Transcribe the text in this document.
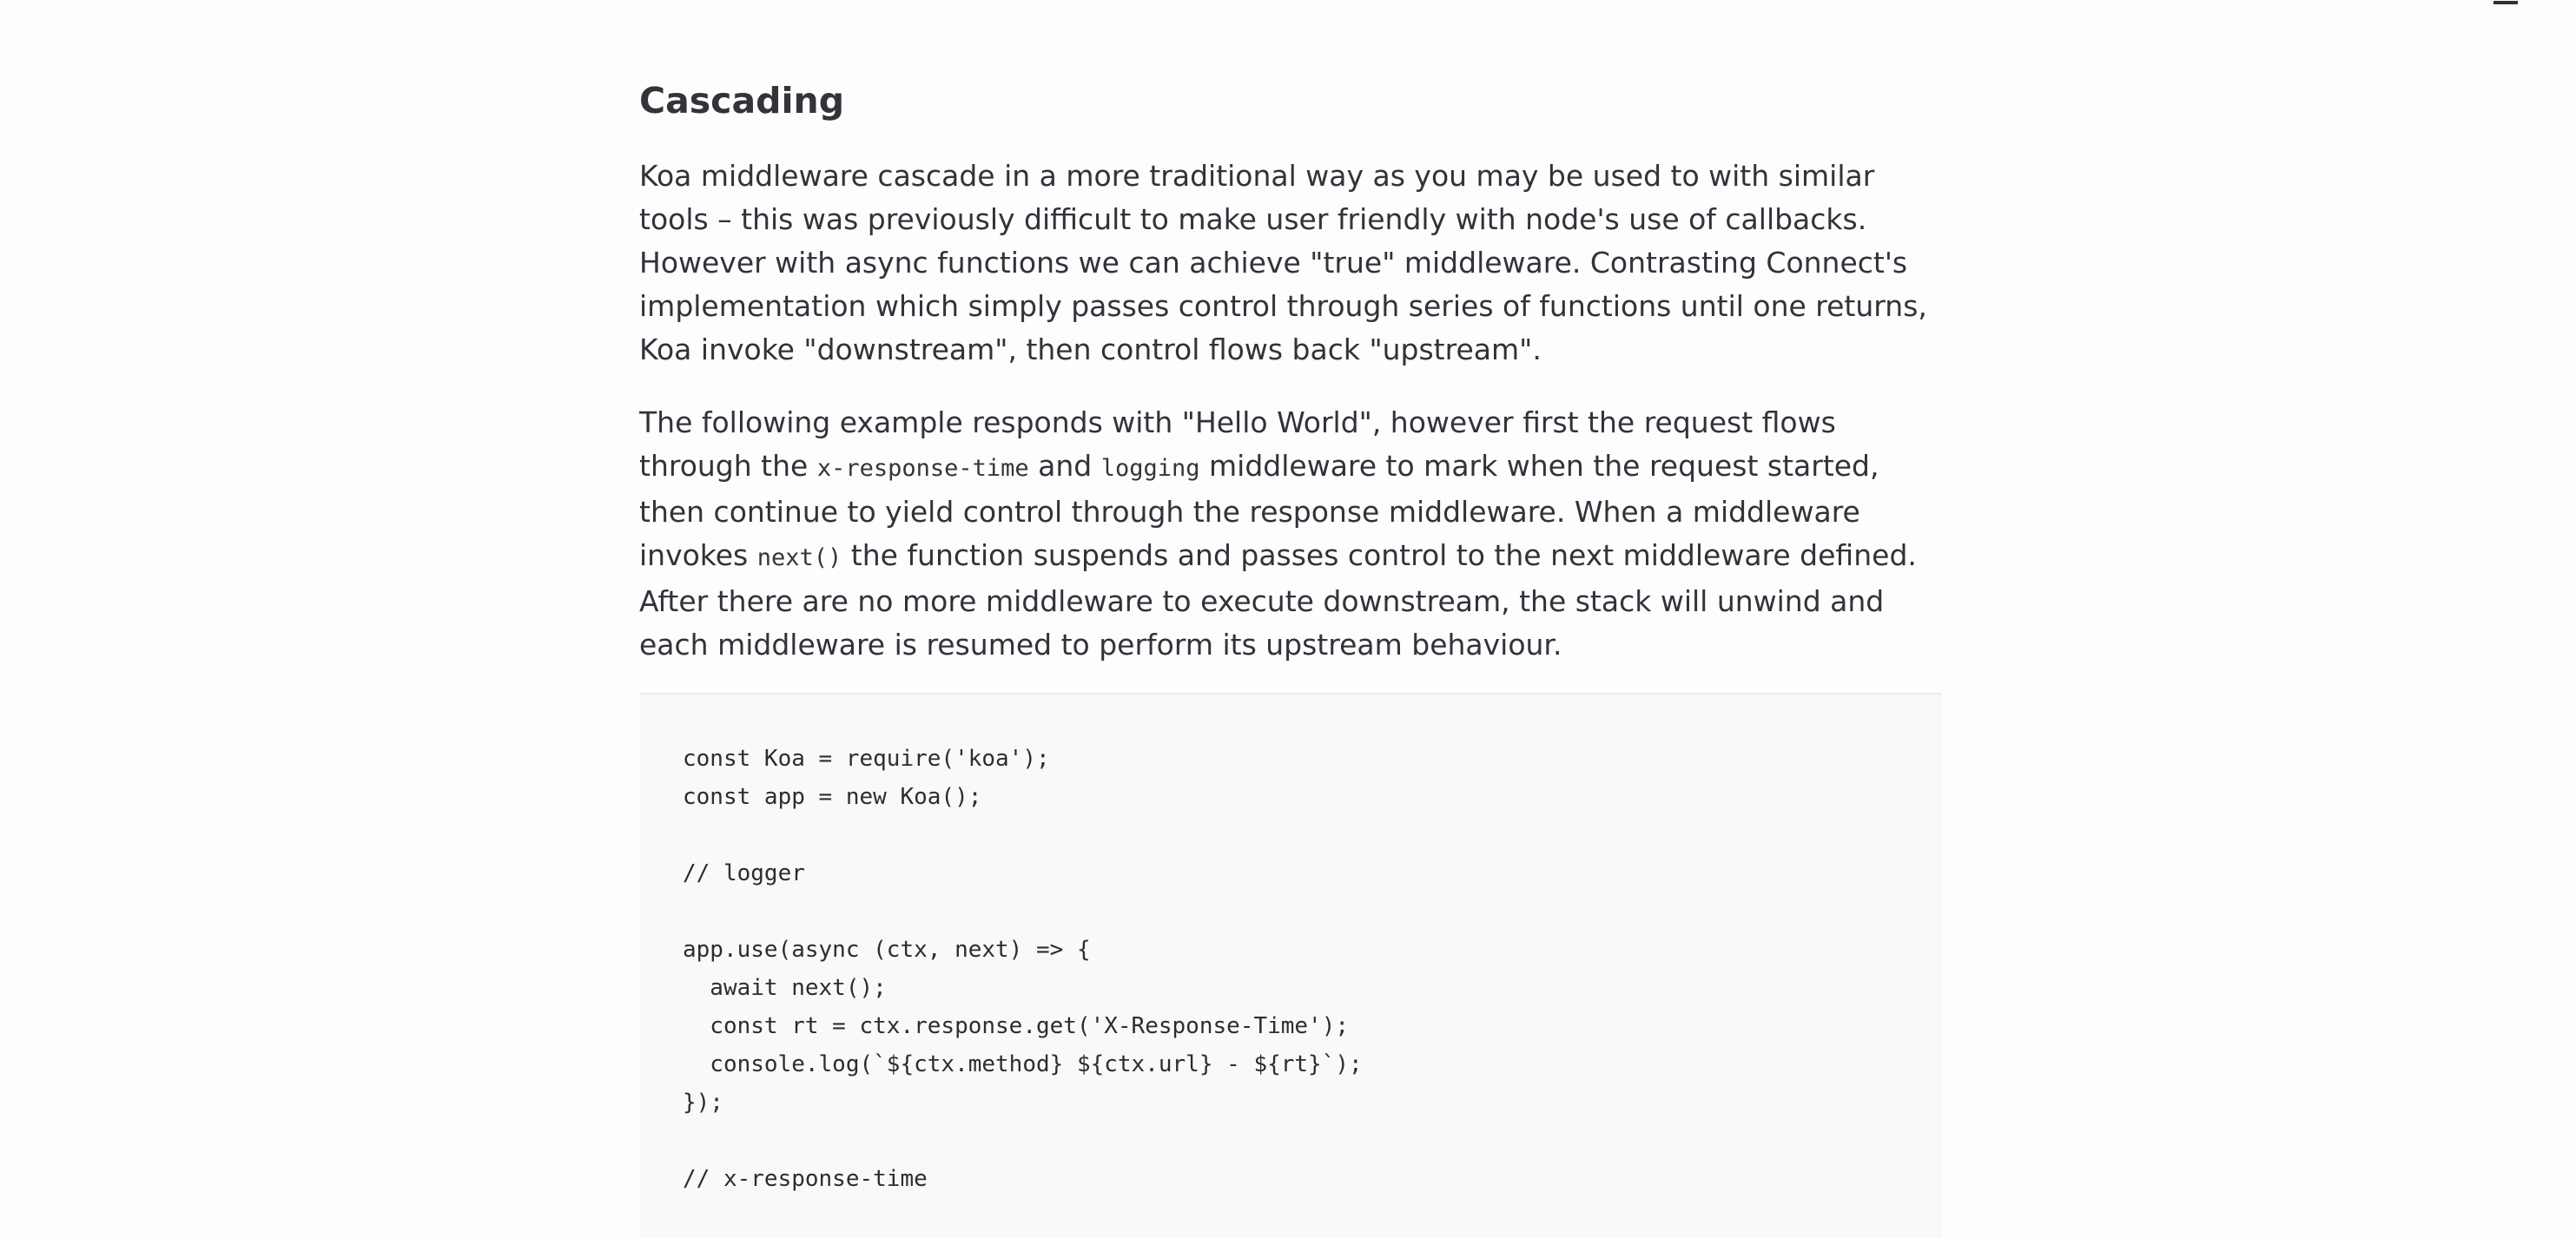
Cascading

Koa middleware cascade in a more traditional way as you may be used to with similar
tools – this was previously difficult to make user friendly with node's use of callbacks.
However with async functions we can achieve "true" middleware. Contrasting Connect's
implementation which simply passes control through series of functions until one returns,
Koa invoke "downstream", then control flows back "upstream".

The following example responds with "Hello World", however first the request flows
through the x-response-time and logging middleware to mark when the request started,
then continue to yield control through the response middleware. When a middleware
invokes next() the function suspends and passes control to the next middleware defined.
After there are no more middleware to execute downstream, the stack will unwind and
each middleware is resumed to perform its upstream behaviour.

const Koa = require('koa');
const app = new Koa();
// logger
app.use(async (ctx, next) => {
await next();
const rt = ctx.response.get('X-Response-Time');
console.log(`${ctx.method} ${ctx.url} - ${rt}`);
});
// x-response-time
